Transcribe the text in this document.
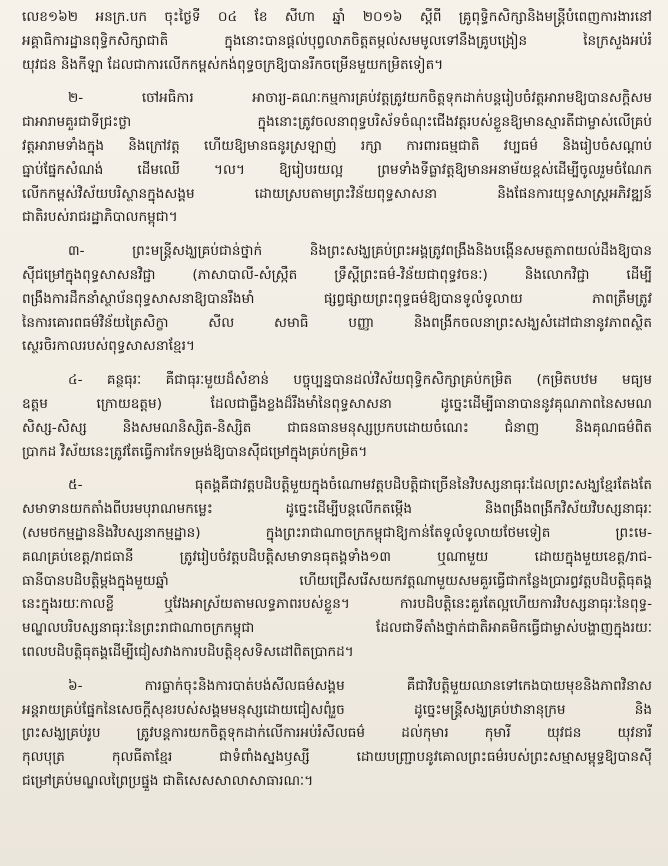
លេខ១៦២ អនក្រ.បក ចុះថ្ងៃទី ០៤ ខែ សីហា ឆ្នាំ ២០១៦ ស្តីពី គ្រូពុទ្ធិកសិក្សានិងមន្ត្រីបំពេញការងារនៅ
អគ្គាធិការដ្ឋានពុទ្ធិកសិក្សាជាតិ ក្នុងនោះបានផ្តល់បុព្វលាភចិត្តតម្កល់សមមូលទៅនឹងគ្រូបង្រៀន នៃក្រសួងអប់រំ
យុវជន និងកីឡា ដែលជាការលើកកម្ពស់កង់ពុទ្ធចក្រឱ្យបានរីកចម្រើនមួយកម្រិតទៀត។
២- ចៅអធិការ អាចារ្យ-គណៈកម្មការគ្រប់វត្តត្រូវយកចិត្តទុកដាក់បន្តរៀបចំវត្តអារាមឱ្យបានសក្តិសម
ជាអារាមគួរជាទីជ្រះថ្លា ក្នុងនោះត្រូវចលនាពុទ្ធបរិស័ទចំណុះជើងវត្តរបស់ខ្លួនឱ្យមានស្មារតីជាម្ចាស់លើគ្រប់
វត្តអារាមទាំងក្នុង និងក្រៅវត្ត ហើយឱ្យមានធនូរស្រឡាញ់ រក្សា ការពារធម្មជាតិ វប្បធម៌ និងរៀបចំសណ្តាប់
ធ្នាប់ផ្នែកសំណង់ ដើមឈើ ។ល។ ឱ្យរៀបរយល្អ ព្រមទាំងទីធ្លាវត្តឱ្យមានអនាម័យខ្ពស់ដើម្បីចូលរួមចំណែក
លើកកម្ពស់វិស័យបរិស្ថានក្នុងសង្គម ដោយស្របតាមព្រះវិន័យពុទ្ធសាសនា និងផែនការយុទ្ធសាស្ត្រអភិវឌ្ឍន៍
ជាតិរបស់រាជរដ្ឋាភិបាលកម្ពុជា។
៣- ព្រះមន្ត្រីសង្ឃគ្រប់ជាន់ថ្នាក់ និងព្រះសង្ឃគ្រប់ព្រះអង្គត្រូវពង្រឹងនិងបង្កើនសមត្ថភាពយល់ដឹងឱ្យបាន
ស៊ីជម្រៅក្នុងពុទ្ធសាសនវិជ្ជា (ភាសាបាលី-សំស្ក្រឹត ទ្រឹស្តីព្រះធម៌-វិន័យជាពុទ្ធវចនៈ) និងលោកវិជ្ជា ដើម្បី
ពង្រឹងការដឹកនាំស្ថាប័នពុទ្ធសាសនាឱ្យបានរឹងមាំ ផ្សព្វផ្សាយព្រះពុទ្ធធម៌ឱ្យបានទូលំទូលាយ ភាពត្រឹមត្រូវ
នៃការគោរពធម៌វិន័យត្រៃសិក្ខា សីល សមាធិ បញ្ញា និងពង្រីកចលនាព្រះសង្ឃសំដៅជានានូវភាពស្ថិត
ស្ថេរចិរកាលរបស់ពុទ្ធសាសនាខ្មែរ។
៤- គន្ថធុរៈ គឺជាធុរៈមួយដ៏សំខាន់ បច្ចុប្បន្នបានដល់វិស័យពុទ្ធិកសិក្សាគ្រប់កម្រិត (កម្រិតបឋម មធ្យម
ឧត្តម ក្រោយឧត្តម) ដែលជាធ្លឹងខ្លងដ៏រឹងមាំនៃពុទ្ធសាសនា ដូច្នេះដើម្បីធានាបាននូវគុណភាពនៃសមណ
សិស្ស-សិស្ស និងសមណនិស្សិត-និស្សិត ជាធនធានមនុស្សប្រកបដោយចំណេះ ជំនាញ និងគុណធម៌ពិត
ប្រាកដ វិស័យនេះត្រូវតែធ្វើការកែទម្រង់ឱ្យបានស៊ីជម្រៅក្នុងគ្រប់កម្រិត។
៥- ធុតង្គគឺជាវត្តបដិបត្តិមួយក្នុងចំណោមវត្តបដិបត្តិជាច្រើននៃវិបស្សនាធុរៈដែលព្រះសង្ឃខ្មែរតែងតែ
សមាទានយកតាំងពីបរមបុរាណមកម្លេះ ដូច្នេះដើម្បីបន្តលើកតម្កើង និងពង្រឹងពង្រីកវិស័យវិបស្សនាធុរៈ
(សមថកម្មដ្ឋាននិងវិបស្សនាកម្មដ្ឋាន) ក្នុងព្រះរាជាណាចក្រកម្ពុជាឱ្យកាន់តែទូលំទូលាយថែមទៀត ព្រះមេ-
គណគ្រប់ខេត្ត/រាជធានី ត្រូវរៀបចំវត្តបដិបត្តិសមាទានធុតង្គទាំង១៣ ឬណាមួយ ដោយក្នុងមួយខេត្ត/រាជ-
ធានីបានបដិបត្តិម្តងក្នុងមួយឆ្នាំ ហើយជ្រើសរើសយកវត្តណាមួយសមគួរធ្វើជាកន្លែងប្រារព្ធវត្តបដិបត្តិធុតង្គ
នេះក្នុងរយៈកាលខ្លី ឬវែងអាស្រ័យតាមលទ្ធភាពរបស់ខ្លួន។ ការបដិបត្តិនេះគួរតែល្អហើយការវិបស្សនាធុរៈនៃពុទ្ធ-
មណ្ឌលបរិបស្សនាធុរៈនៃព្រះរាជាណាចក្រកម្ពុជា ដែលជាទីតាំងថ្នាក់ជាតិអាគមិកធ្វើជាម្ចាស់បង្ហាញក្នុងរយៈ
ពេលបដិបត្តិធុតង្គដើម្បីជៀសវាងការបដិបត្តិខុសទិសដៅពិតប្រាកដ។
៦- ការធ្លាក់ចុះនិងការបាត់បង់សីលធម៌សង្គម គឺជាវិបត្តិមួយឈានទៅកេងបាយមុខនិងភាពវិនាស
អន្តរាយគ្រប់ផ្នែកនៃសេចក្តីសុខរបស់សង្គមមនុស្សដោយជៀសពុំរួច ដូច្នេះមន្ត្រីសង្ឃគ្រប់ឋានានុក្រម និង
ព្រះសង្ឃគ្រប់រូប ត្រូវបន្តការយកចិត្តទុកដាក់លើការអប់រំសីលធម៌ ដល់កុមារ កុមារី យុវជន យុវនារី
កុលបុត្រ កុលធីតាខ្មែរ ជាទំពាំងស្នងឫស្សី ដោយបញ្ជ្រាបនូវគោលព្រះធម៌របស់ព្រះសម្មាសម្ពុទ្ធឱ្យបានស៊ី
ជម្រៅគ្រប់មណ្ឌលព្រៃប្រផ្នួង ជាតិសេសសាលាសាធារណៈ។
